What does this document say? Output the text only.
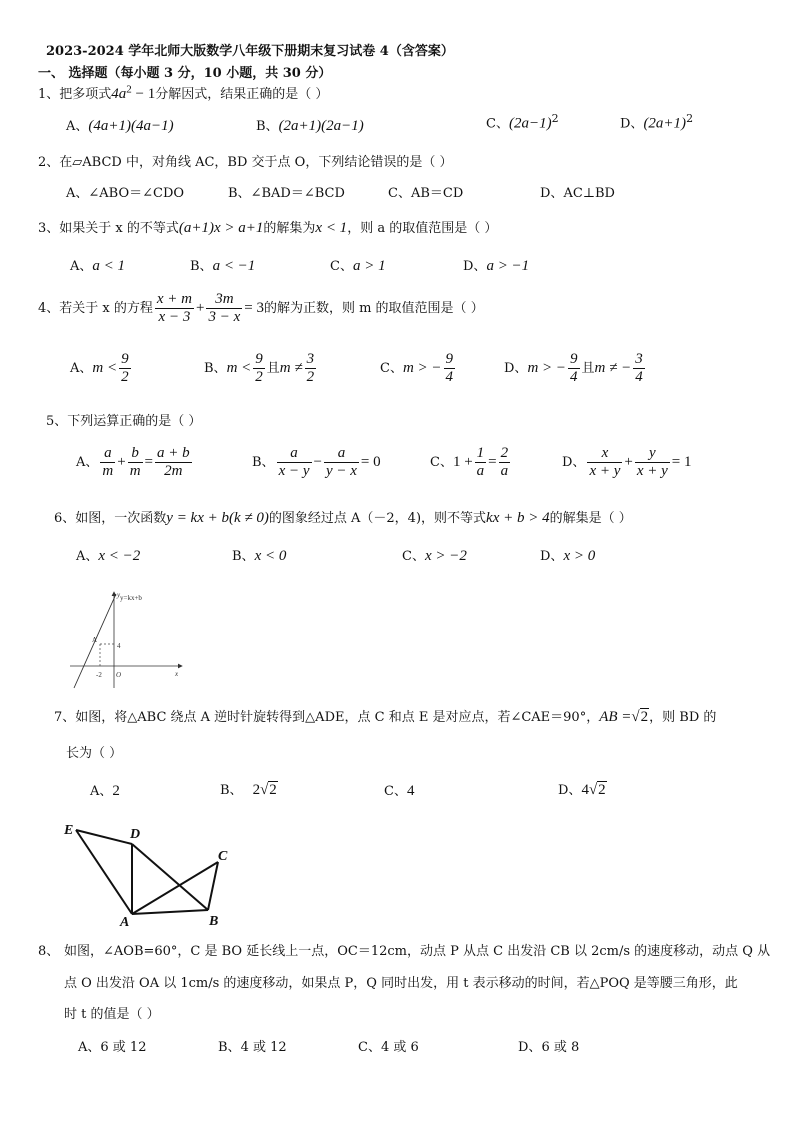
2023-2024 学年北师大版数学八年级下册期末复习试卷 4（含答案）
一、 选择题（每小题 3 分，10 小题，共 30 分）
1、把多项式$4a^2 - 1$分解因式，结果正确的是（ ）
A、(4a+1)(4a−1)	B、(2a+1)(2a−1)	C、$(2a-1)^2$	D、$(2a+1)^2$
2、在▱ABCD 中，对角线 AC，BD 交于点 O，下列结论错误的是（ ）
A、∠ABO＝∠CDO	B、∠BAD＝∠BCD	C、AB＝CD	D、AC⊥BD
3、如果关于 x 的不等式(a+1)x > a+1的解集为x < 1，则 a 的取值范围是（ ）
A、a < 1	B、a < −1	C、a > 1	D、a > −1
4、若关于 x 的方程 $\frac{x + m}{x - 3} + \frac{3m}{3 - x} = 3$的解为正数，则 m 的取值范围是（ ）
A、$m < \frac{9}{2}$	B、$m < \frac{9}{2}$ 且$m \ne \frac{3}{2}$	C、m > − $\frac{9}{4}$	D、m > − $\frac{9}{4}$ 且m ≠ − $\frac{3}{4}$
5、下列运算正确的是（ ）
A、 $\frac{a}{m} + \frac{b}{m} = \frac{a + b}{2m}$	B、 $\frac{a}{x - y} - \frac{a}{y - x} = 0$	C、$1 + \frac{1}{a} = \frac{2}{a}$	D、 $\frac{x}{x + y} + \frac{y}{x + y} = 1$
6、如图，一次函数y = kx + b(k ≠ 0)的图象经过点 A（－2，4)，则不等式kx + b > 4的解集是（ ）
A、x < −2	B、x < 0	C、x > −2	D、x > 0
y=kx+b
y
x
A
4
-2 O
7、如图，将△ABC 绕点 A 逆时针旋转得到△ADE，点 C 和点 E 是对应点，若∠CAE＝90°，AB =√2，则 BD 的
长为（ ）
A、2	B、 2√2	C、4	D、4√2
E	D
C
A	B
8、 如图，∠AOB=60°，C 是 BO 延长线上一点，OC＝12cm，动点 P 从点 C 出发沿 CB 以 2cm/s 的速度移动，动点 Q 从
点 O 出发沿 OA 以 1cm/s 的速度移动，如果点 P，Q 同时出发，用 t 表示移动的时间，若△POQ 是等腰三角形，此
时 t 的值是（ ）
A、6 或 12	B、4 或 12	C、4 或 6	D、6 或 8
